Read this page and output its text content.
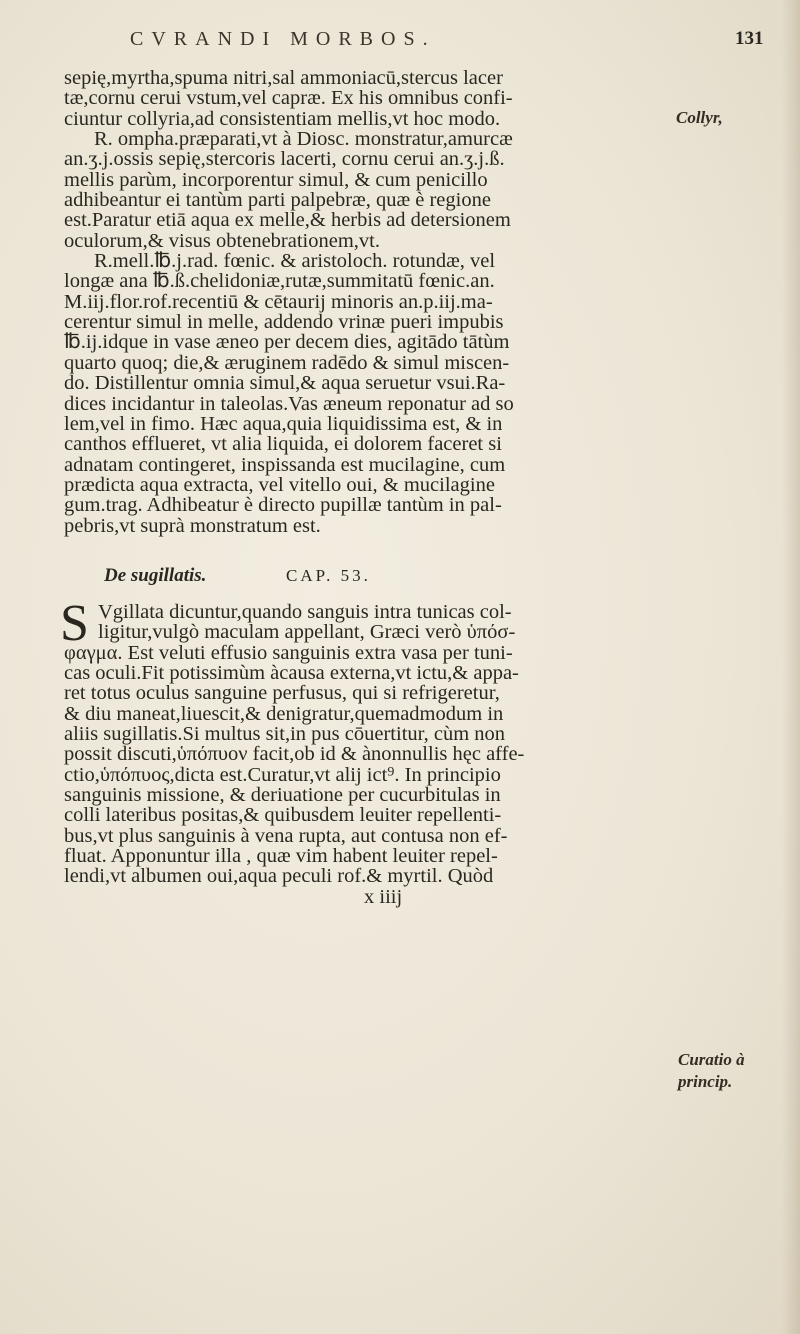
CVRANDI MORBOS.	131
sepię,myrtha,spuma nitri,sal ammoniacū,stercus lacer
tæ,cornu cerui vstum,vel capræ. Ex his omnibus confi-
ciuntur collyria,ad consistentiam mellis,vt hoc modo.
R. ompha.præparati,vt à Diosc. monstratur,amurcæ
an.ʒ.j.ossis sepię,stercoris lacerti, cornu cerui an.ʒ.j.ß.
mellis parùm, incorporentur simul, & cum penicillo
adhibeantur ei tantùm parti palpebræ, quæ è regione
est.Paratur etiā aqua ex melle,& herbis ad detersionem
oculorum,& visus obtenebrationem,vt.
R.mell.℔.j.rad. fœnic. & aristoloch. rotundæ, vel
longæ ana ℔.ß.chelidoniæ,rutæ,summitatū fœnic.an.
M.iij.flor.rof.recentiū & cētaurij minoris an.p.iij.ma-
cerentur simul in melle, addendo vrinæ pueri impubis
℔.ij.idque in vase æneo per decem dies, agitādo tātùm
quarto quoq; die,& æruginem radēdo & simul miscen-
do. Distillentur omnia simul,& aqua seruetur vsui.Ra-
dices incidantur in taleolas.Vas æneum reponatur ad so
lem,vel in fimo. Hæc aqua,quia liquidissima est, & in
canthos efflueret, vt alia liquida, ei dolorem faceret si
adnatam contingeret, inspissanda est mucilagine, cum
prædicta aqua extracta, vel vitello oui, & mucilagine
gum.trag. Adhibeatur è directo pupillæ tantùm in pal-
pebris,vt suprà monstratum est.
De sugillatis.	CAP. 53.
S Vgillata dicuntur,quando sanguis intra tunicas col-
ligitur,vulgò maculam appellant, Græci verò ὑπόσ-
φαγμα. Est veluti effusio sanguinis extra vasa per tuni-
cas oculi.Fit potissimùm àcausa externa,vt ictu,& appa-
ret totus oculus sanguine perfusus, qui si refrigeretur,
& diu maneat,liuescit,& denigratur,quemadmodum in
aliis sugillatis.Si multus sit,in pus cōuertitur, cùm non
possit discuti,ὑπόπυον facit,ob id & ànonnullis hęc affe-
ctio,ὑπόπυος,dicta est.Curatur,vt alij ict⁹. In principio
sanguinis missione, & deriuatione per cucurbitulas in
colli lateribus positas,& quibusdem leuiter repellenti-
bus,vt plus sanguinis à vena rupta, aut contusa non ef-
fluat. Apponuntur illa , quæ vim habent leuiter repel-
lendi,vt albumen oui,aqua peculi rof.& myrtil. Quòd
x iiij
Collyr,
Curatio à
princip.
